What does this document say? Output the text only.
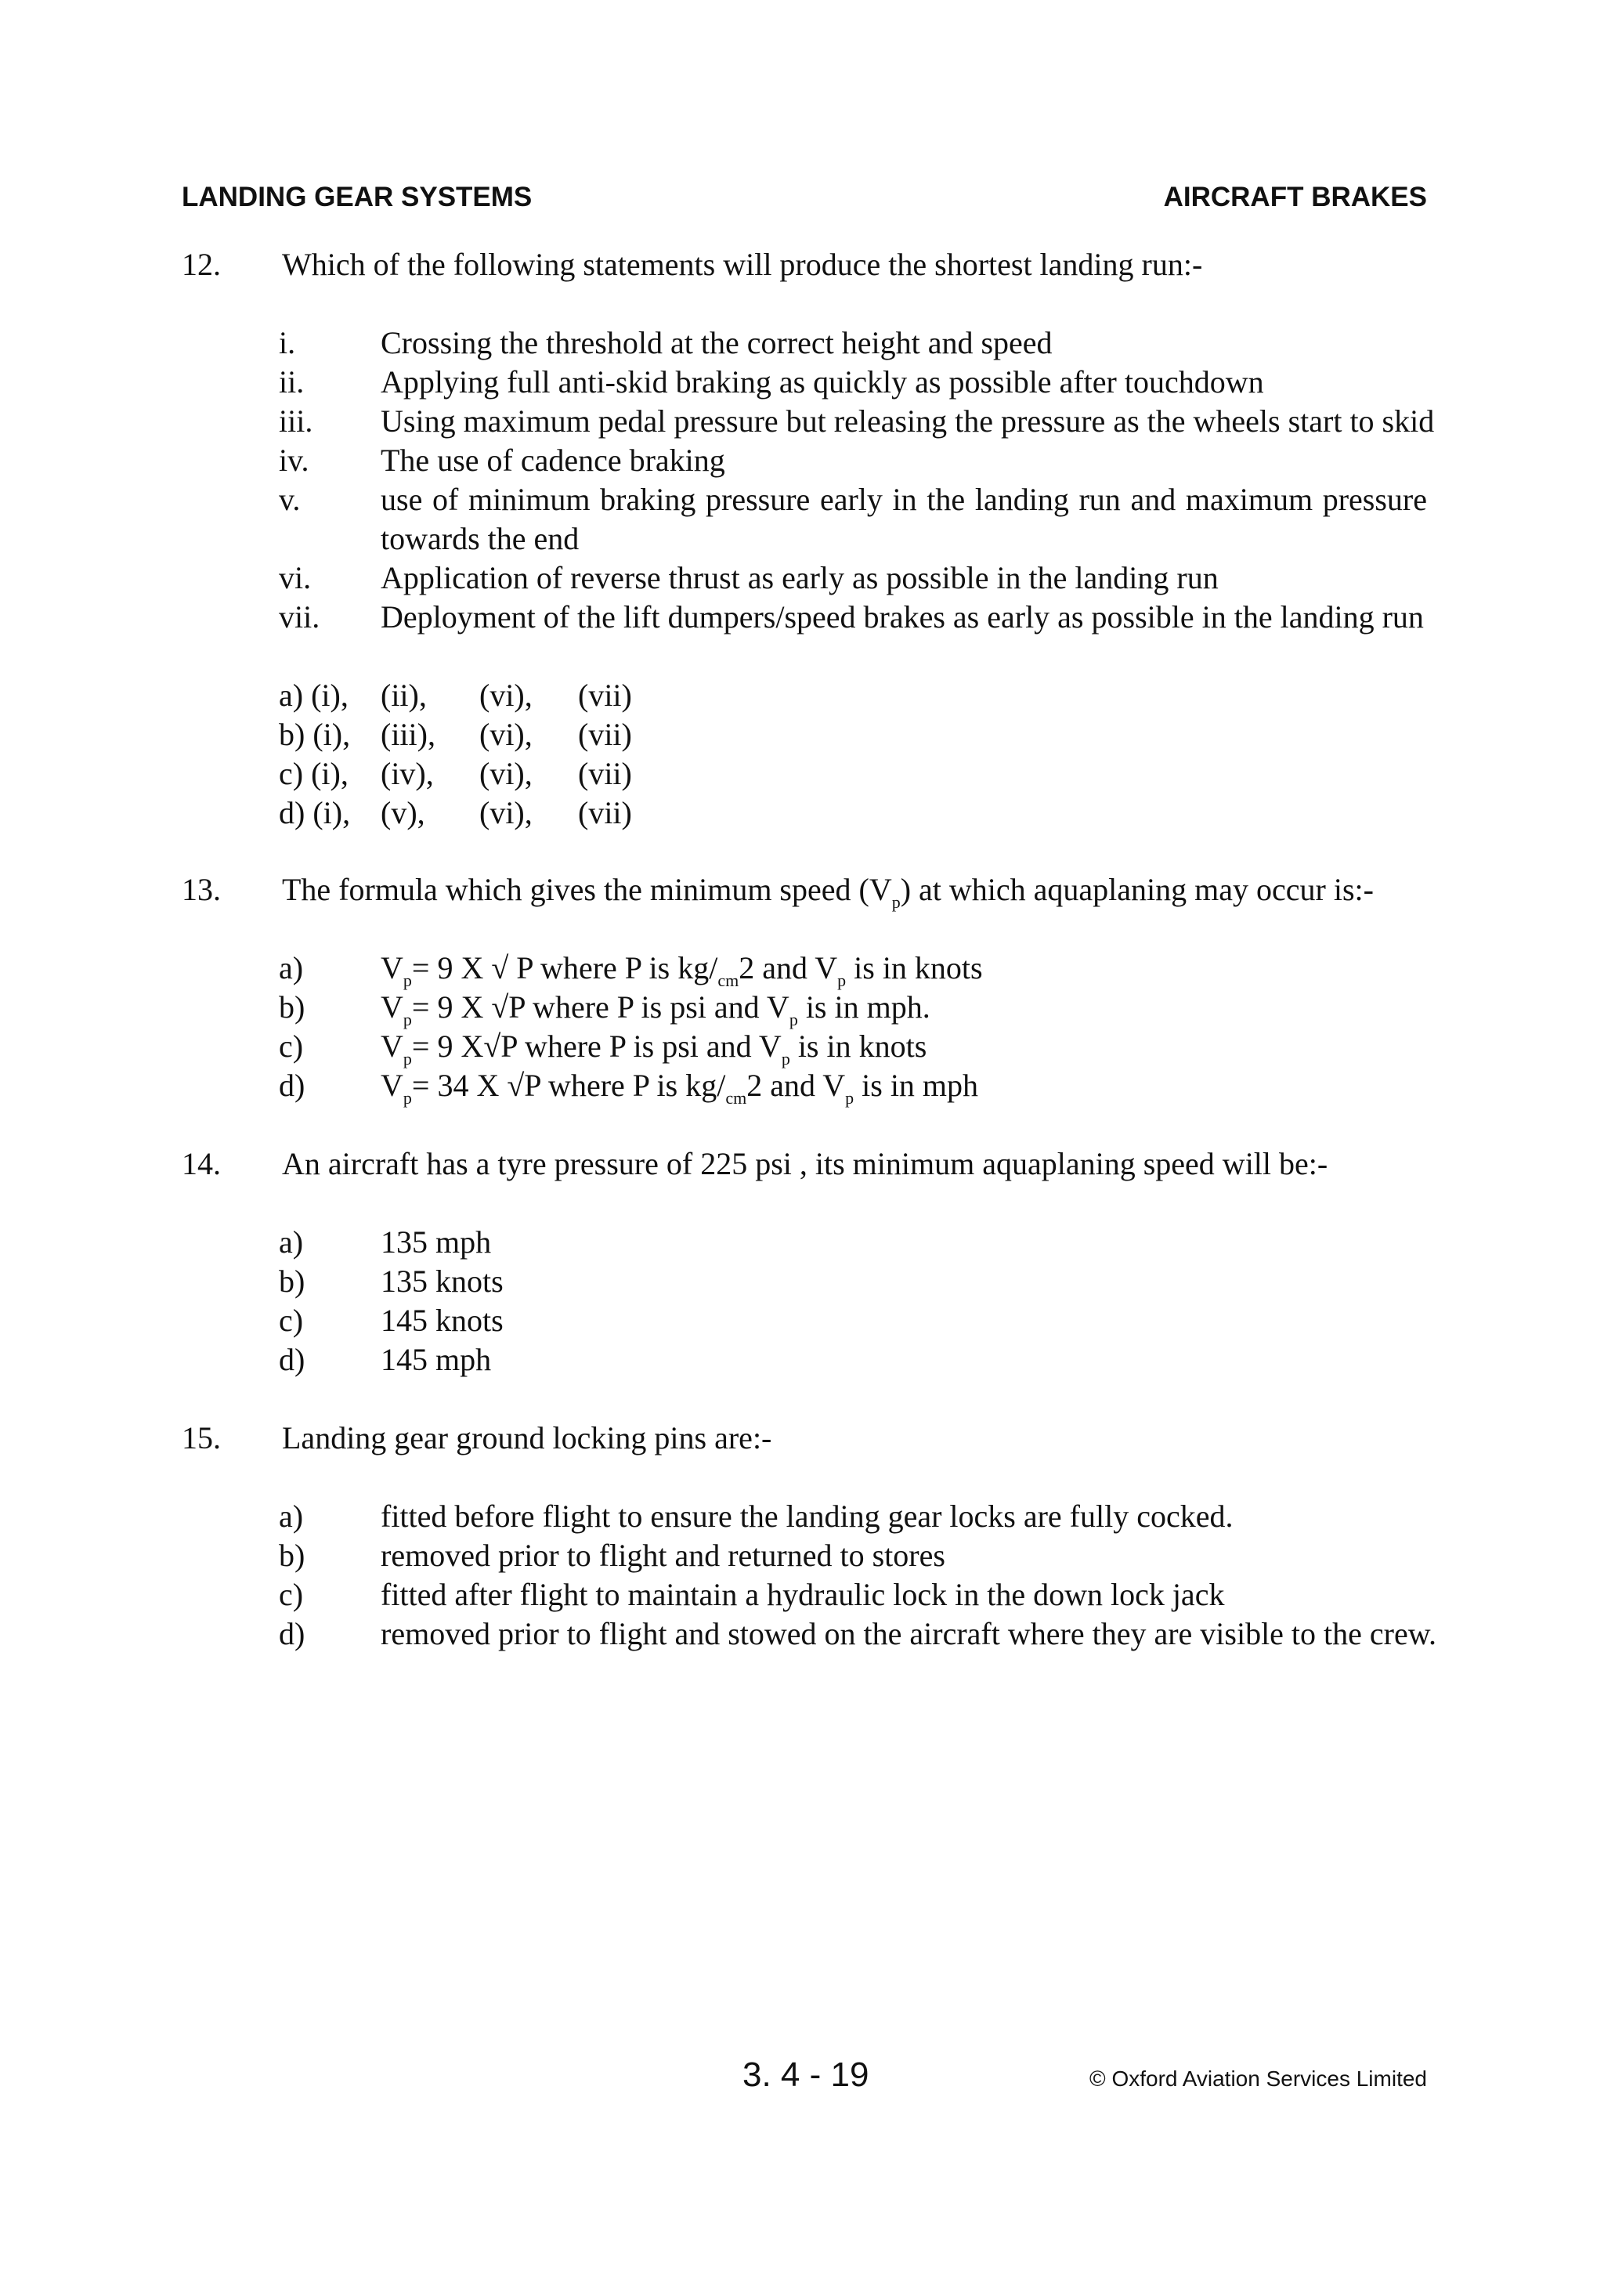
LANDING GEAR SYSTEMS	AIRCRAFT BRAKES
12. Which of the following statements will produce the shortest landing run:-
i.	Crossing the threshold at the correct height and speed
ii. Applying full anti-skid braking as quickly as possible after touchdown
iii. Using maximum pedal pressure but releasing the pressure as the wheels start to skid
iv. The use of cadence braking
v.	use of minimum braking pressure early in the landing run and maximum pressure
towards the end
vi. Application of reverse thrust as early as possible in the landing run
vii. Deployment of the lift dumpers/speed brakes as early as possible in the landing run
a) (i),	(ii),	(vi),	(vii)
b) (i), (iii),	(vi),	(vii)
c) (i),	(iv),	(vi),	(vii)
d) (i), (v),	(vi),	(vii)
13. The formula which gives the minimum speed $(V_p)$ at which aquaplaning may occur is:-
a) $V_p= 9$ X √ P where P is $kg/_{cm}2$ and $V_p$ is in knots
b) $V_p= 9$ X √P where P is psi and $V_p$ is in mph.
c) $V_p= 9$ X√P where P is psi and $V_p$ is in knots
d) $V_p= 34$ X √P where P is $kg/_{cm}2$ and $V_p$ is in mph
14. An aircraft has a tyre pressure of 225 psi , its minimum aquaplaning speed will be:-
a) 135 mph
b) 135 knots
c) 145 knots
d) 145 mph
15. Landing gear ground locking pins are:-
a) fitted before flight to ensure the landing gear locks are fully cocked.
b) removed prior to flight and returned to stores
c) fitted after flight to maintain a hydraulic lock in the down lock jack
d) removed prior to flight and stowed on the aircraft where they are visible to the crew.
3. 4 - 19	© Oxford Aviation Services Limited
